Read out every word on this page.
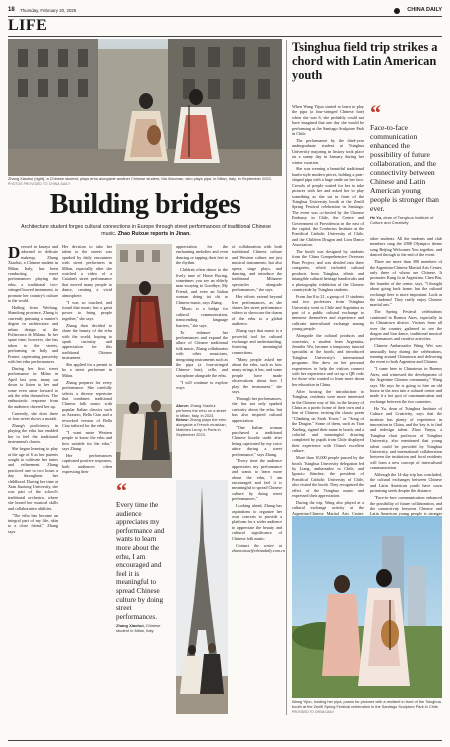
18 Thursday, February 20, 2025	CHINA DAILY
LIFE
Zhang Xiaohui (right), a Chinese student, plays erhu alongside another Chinese student, Ma Xiaoman, who plays pipa, in Milan, Italy, in September 2023. PHOTOS PROVIDED TO CHINA DAILY
Building bridges
Architecture student forges cultural connections in Europe through street performances of traditional Chinese music. Zhao Ruixue reports in Jinan.
D ressed in kasaya and adorned in delicate makeup, Zhang Xiaohui, a Chinese student in Milan, Italy, has been conducting street performances playing the erhu, a traditional two-stringed bowed instrument, to promote her country's culture to the world.

Hailing from Weifang, Shandong province, Zhang is currently pursuing a master's degree in architecture and urban design at the Politecnico di Milano. In her spare time, however, she has taken to the streets, performing in Italy and France, captivating passersby with her erhu performances.

During her first street performance in Milan in April last year, many sat down to listen to her and some even came forward to ask the erhu themselves. The enthusiastic response from the audience cheered her up.

Currently, she does three or four street shows a month.

Zhang's proficiency in playing the erhu has enabled her to feel the traditional instrument's charm.

She began learning to play at the age of 6 as her parents sought to cultivate her tastes and refinement. Zhang practiced one to two hours a day throughout her childhood. During her time at Xian Jiaotong University, she was part of the school's traditional orchestra, where she honed her musical skills and collaborative abilities.

"The erhu has become an integral part of my life, akin to a close friend," Zhang says.

Her decision to take her talent to the streets was sparked by daily encounters with street performers in Milan, especially after she watched a video of a Catalan's street performance that moved many people to dance, creating a vivid atmosphere.

"I was so touched, and found that music has a great power to bring people together," she says.

Zhang then decided to share the beauty of the erhu with the world, hoping to spark curiosity and appreciation for this traditional Chinese instrument.

She applied for a permit to be a street performer in Milan.

Zhang prepares for every performance. She carefully selects a diverse repertoire that combines traditional Chinese folk music with popular Italian classics such as Azzurro, Bella Ciao and a reworked version of Bella Ciao tailored for the erhu.

"I want more Western people to know the erhu and how suitable for the erhu," says Zhang.

Her performances captivated positive responses, both audiences often expressing their

“
Every time the audience appreciates my performance and wants to learn more about the erhu, I am encouraged and feel it is meaningful to spread Chinese culture by doing street performances.
Zhang Xiaohui, Chinese student in Milan, Italy
Above: Zhang Xiaohui performs the erhu on a street in Milan, Italy, in 2023. Below: Zhang plays the erhu alongside a French musician, Matthieu Leroy, in Paris in September 2023.

appreciation for the enchanting melodies and even dancing or tapping their feet to the rhythm.

Children often dance to the lively tune of Horse Racing, sometimes you see an elderly man swaying to Goodbye, My Friend, and even an Italian woman doing tai chi to Chinese music, says Zhang.

"Music is a bridge for cultural communication, transcending language barriers," she says.

To enhance her performances and expand the allure of Chinese traditional folk music, Zhang collaborates with other musicians, integrating instruments such as the pipa (a four-stringed Chinese lute), cello, and saxophone alongside the erhu.

"I will continue to explore ways

of collaboration with both traditional Chinese culture and Western culture, not just musical instruments, but also opera, stage plays, and dancing, and introduce the traditional Milanese spectacles alongside performances," she says.

Her efforts extend beyond live performances, as she shares her street performance videos to showcase the charm of the erhu to a global audience.

Zhang says that music is a powerful tool for cultural exchange and understanding, fostering meaningful connections.

"Many people asked me about the erhu, such as how many strings it has, and some people have made observations about how I play the instrument," she says.

Through her performances, she has not only sparked curiosity about the erhu, but has also inspired cultural appreciation.

"One Italian woman purchased a traditional Chinese hoodie outfit after being captivated by my voice attire during a street performance," says Zhang.

"Every time the audience appreciates my performance and wants to learn more about the erhu, I am encouraged and feel it is meaningful to spread Chinese culture by doing street performances."

Looking ahead, Zhang has aspirations to organize her own concerts to provide a platform for a wider audience to appreciate the beauty and cultural significance of Chinese folk music.

Contact the writer at zhaoruixue@chinadaily.com.cn

Tsinghua field trip strikes a chord with Latin American youth

When Wang Yijun started to learn to play the pipa (a four-stringed Chinese lute) when she was 6, she probably could not have imagined that one day she would be performing at the Santiago Sculpture Park in Chile.

The performance by the third-year undergraduate student at Tsinghua University majoring in history took place on a sunny day in January during her winter vacation.

She was wearing a beautiful traditional hanfu-style modern pieces, holding a pear-shaped pipa with a huge smile on her face. Crowds of people waited for her to take pictures with her and asked her to play something as she sat in front of the Tsinghua University booth at the Zenfil Spring Festival celebration in Santiago. The event was co-hosted by the Chinese Embassy in Chile, the Centre and Government of Providencia in the east of the capital, the Confucius Institute at the Pontifical Catholic University of Chile, and the Children Dragon and Lion Dance Association.

The booth was designed by students from the China Comprehensive Overseas Base Project, and was divided into three categories, which included cultural products from Tsinghua, ethnic and intangible cultural heritage handicrafts and a photography exhibition of the Chinese countryside by Tsinghua students.

From Jan 8 to 21, a group of 11 students and two professors from Tsinghua University went to Chile and Argentina as part of a public cultural exchange to immerse themselves and experience and cultivate intercultural exchange among young people.

Alongside the cultural products and souvenirs, a student from Argentina, Jennifer Wu, became a temporary tutorial specialist at the booth, and introduced Tsinghua University's international programs. She drew on her personal experiences to help the visitors connect with her experience and set up a QR code for those who wanted to learn more about her education in China.

After hosting the introduction to Tsinghua, residents were more interested in the Chinese way of life, in the history of China as a poetic home of their own and a line of Chinese, reciting the classic poem "Climbing on Stork Tower," or "Song of the Dragon." Some of them, such as Tian Xueling, signed their name in brush, and a colorful and meaningful drawing completed by pupils from Chile displayed their experience with China's excellent culture.

More than 10,000 people passed by the booth. Tsinghua University delegation led by Liang, ambassador to Chile, and Ignacio Sánchez, the president of Pontifical Catholic University of Chile, also visited the booth. They recognized the effect of the Tsinghua music and expressed their appreciation.

During the trip, Wang also played at a cultural exchange activity at the Argentina-Chinese Martial Arts Center.

“
Face-to-face communication enhanced the possibility of future collaboration, and the connectivity between Chinese and Latin American young people is stronger than ever.
He Yu, dean of Tsinghua Institute of Culture and Creativity

other students. All the students and club members sang the 2008 Olympics theme song Beijing Welcomes You together, and danced through to the end of the event.

There are more than 300 members of the Argentina-Chinese Martial Arts Center, only three of whom are Chinese. It promotes Kung fu in Argentina. Chen Bin, the founder of the center, says, "I thought about going back home, but the cultural exchange here is more important. Look at the students! They really enjoy Chinese martial arts."

The Spring Festival celebrations continued in Buenos Aires, especially in its Chinatown district. Visitors from all over the country gathered to see the dragon and lion dance, traditional musical performances and creative activities.

Chinese Ambassador Wang Wei was unusually busy during the celebrations, running around Chinatown and delivering the event to both Argentine and Chinese.

"I came here to Chinatown in Buenos Aires, and witnessed the development of the Argentine Chinese community," Wang says. He says he is going to hire an old house in the area into a cultural center and made it a hot spot of communication and exchange between the two countries.

He Yu, dean of Tsinghua Institute of Culture and Creativity, says that the institute has plenty of experience in innovation in China, and the key is to find and redesign talent. Zhao Yunyu, a Tsinghua chair professor of Tsinghua University, also mentioned that young talent could be provided by Tsinghua University, and international collaboration between the institution and local residents will form a new concept of intercultural communication.

Although the 14-day trip has concluded, the cultural exchanges between Chinese and Latin American youth have sown promising seeds despite the distance.

"Face-to-face communication enhanced the possibility of future collaboration, and the connectivity between Chinese and Latin American young people is stronger

Wang Yijun, holding her pipa, poses for pictures with a resident in front of the Tsinghua booth at the Zenfil Spring Festival celebration in the Santiago Sculpture Park in Chile. PROVIDED TO CHINA DAILY
